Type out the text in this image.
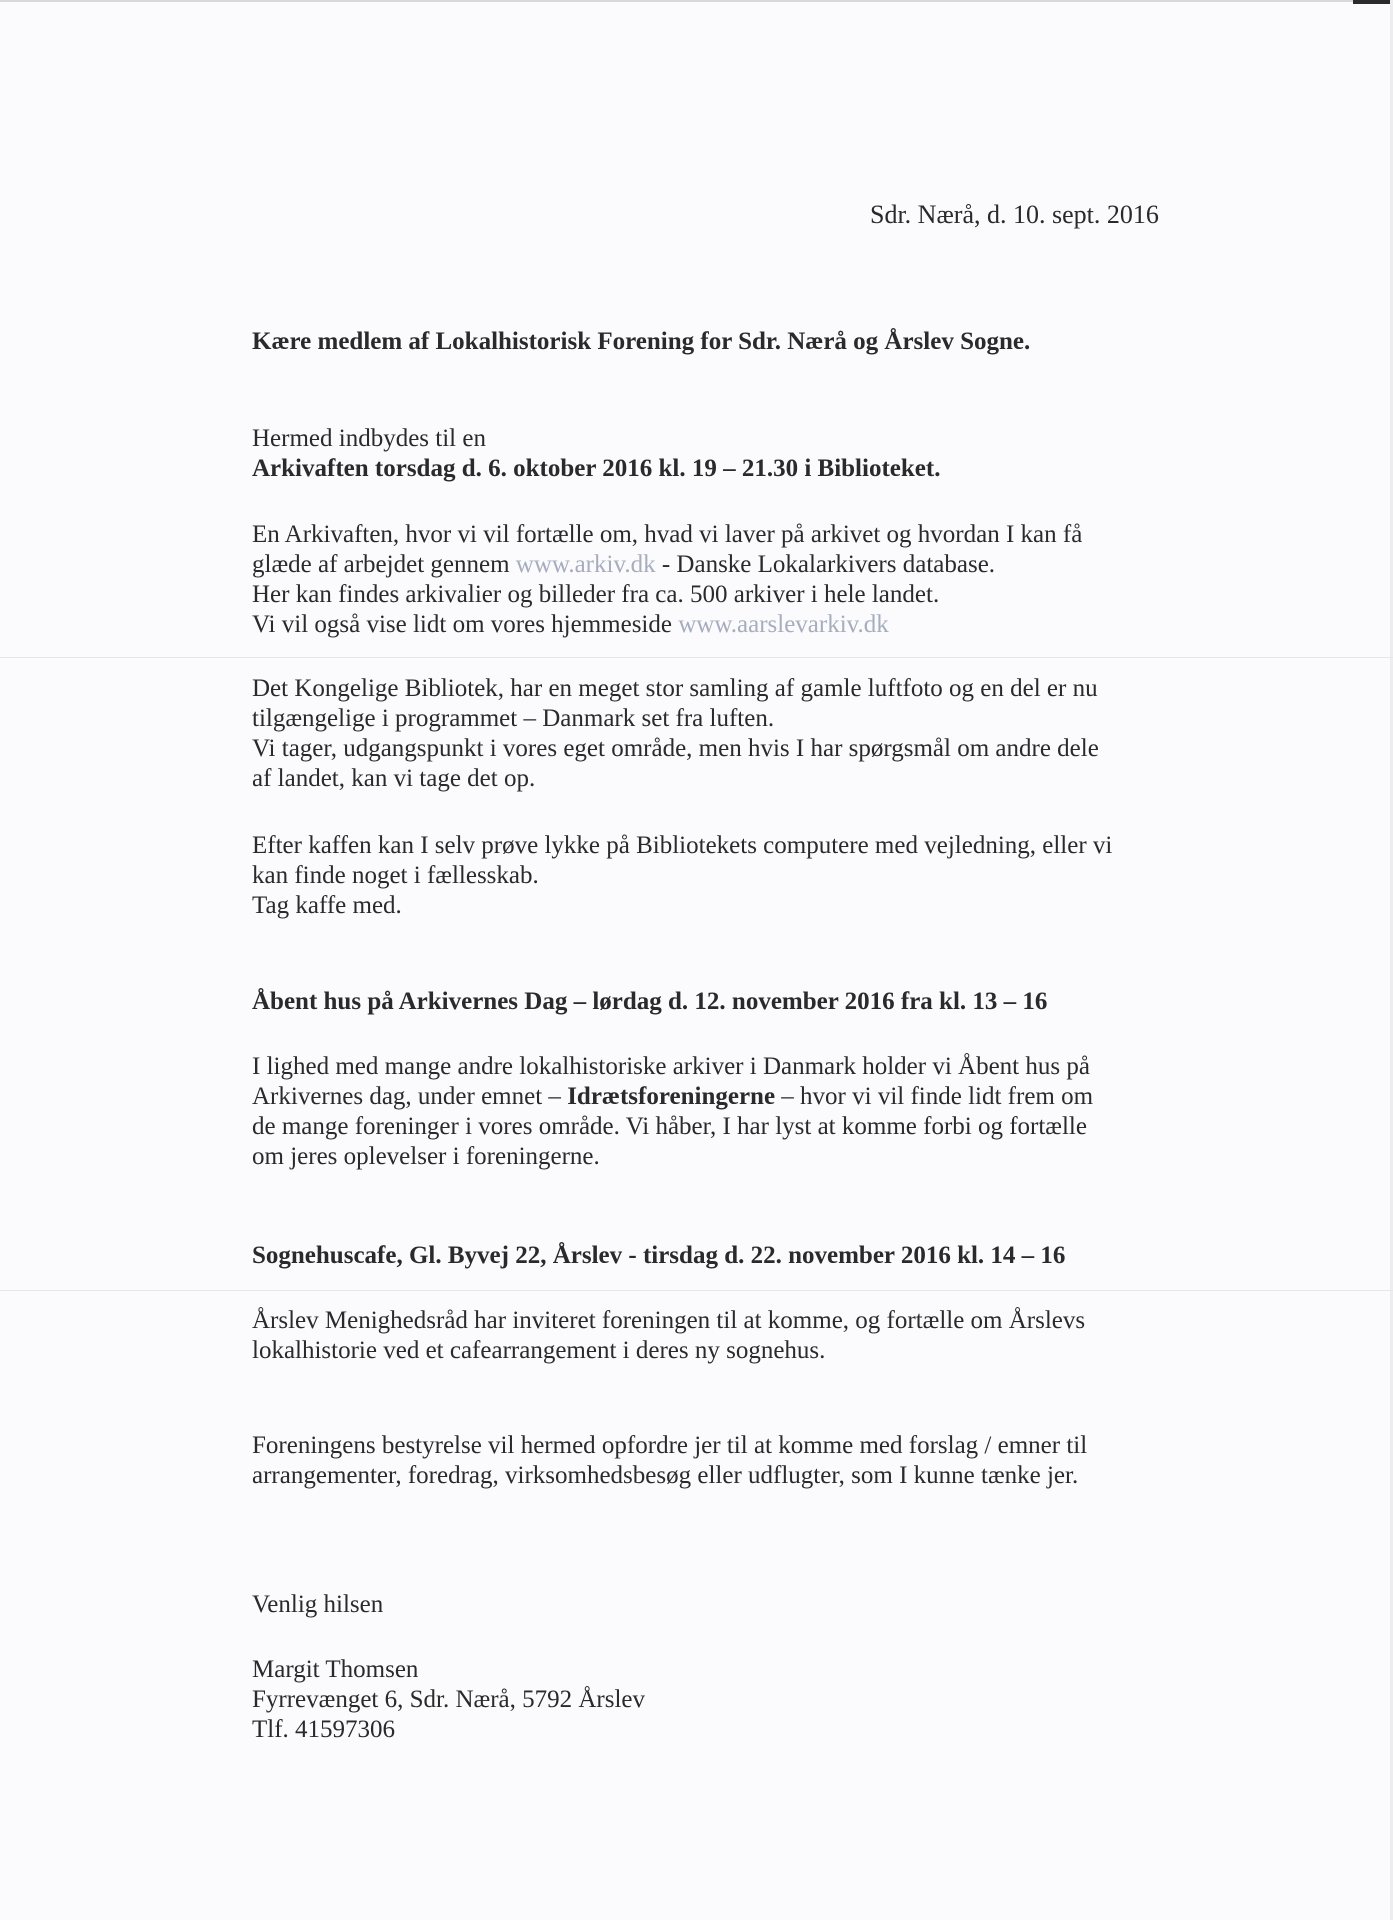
Sdr. Nærå, d. 10. sept. 2016
Kære medlem af Lokalhistorisk Forening for Sdr. Nærå og Årslev Sogne.
Hermed indbydes til en
Arkivaften torsdag d. 6. oktober 2016 kl. 19 – 21.30 i Biblioteket.
En Arkivaften, hvor vi vil fortælle om, hvad vi laver på arkivet og hvordan I kan få
glæde af arbejdet gennem www.arkiv.dk - Danske Lokalarkivers database.
Her kan findes arkivalier og billeder fra ca. 500 arkiver i hele landet.
Vi vil også vise lidt om vores hjemmeside www.aarslevarkiv.dk
Det Kongelige Bibliotek, har en meget stor samling af gamle luftfoto og en del er nu
tilgængelige i programmet – Danmark set fra luften.
Vi tager, udgangspunkt i vores eget område, men hvis I har spørgsmål om andre dele
af landet, kan vi tage det op.
Efter kaffen kan I selv prøve lykke på Bibliotekets computere med vejledning, eller vi
kan finde noget i fællesskab.
Tag kaffe med.
Åbent hus på Arkivernes Dag – lørdag d. 12. november 2016 fra kl. 13 – 16
I lighed med mange andre lokalhistoriske arkiver i Danmark holder vi Åbent hus på
Arkivernes dag, under emnet – Idrætsforeningerne – hvor vi vil finde lidt frem om
de mange foreninger i vores område. Vi håber, I har lyst at komme forbi og fortælle
om jeres oplevelser i foreningerne.
Sognehuscafe, Gl. Byvej 22, Årslev - tirsdag d. 22. november 2016 kl. 14 – 16
Årslev Menighedsråd har inviteret foreningen til at komme, og fortælle om Årslevs
lokalhistorie ved et cafearrangement i deres ny sognehus.
Foreningens bestyrelse vil hermed opfordre jer til at komme med forslag / emner til
arrangementer, foredrag, virksomhedsbesøg eller udflugter, som I kunne tænke jer.
Venlig hilsen
Margit Thomsen
Fyrrevænget 6, Sdr. Nærå, 5792 Årslev
Tlf. 41597306
